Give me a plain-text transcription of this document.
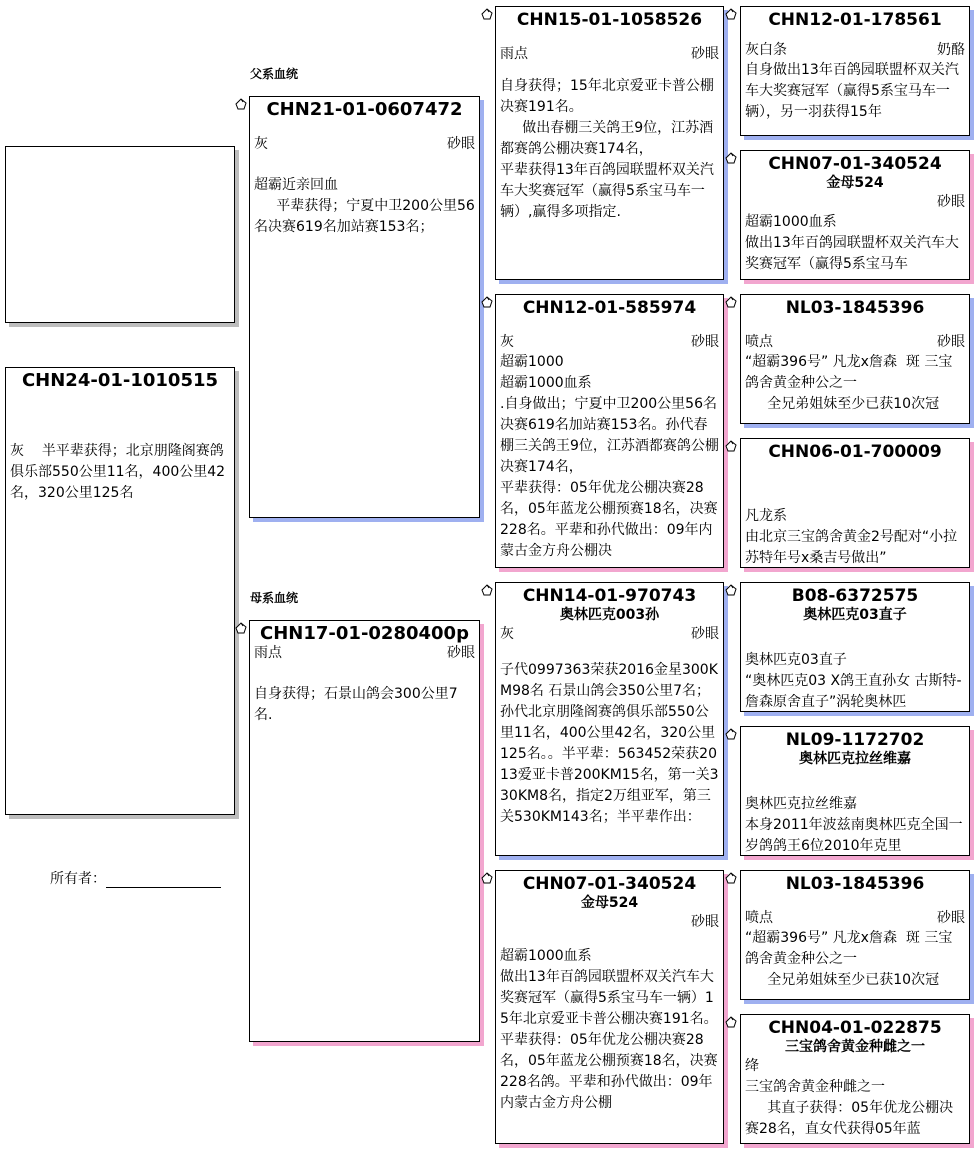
父系血统
母系血统
CHN24-01-1010515
灰 半平辈获得；北京朋隆阁赛鸽俱乐部550公里11名，400公里42名，320公里125名
所有者：
CHN21-01-0607472
灰	砂眼
超霸近亲回血
平辈获得；宁夏中卫200公里56名决赛619名加站赛153名；
CHN17-01-0280400p
雨点	砂眼
自身获得；石景山鸽会300公里7名.
CHN15-01-1058526
雨点	砂眼
自身获得；15年北京爱亚卡普公棚决赛191名。
做出春棚三关鸽王9位，江苏酒都赛鸽公棚决赛174名，
平辈获得13年百鸽园联盟杯双关汽车大奖赛冠军（赢得5系宝马车一辆）,赢得多项指定.
CHN12-01-585974
灰	砂眼
超霸1000
超霸1000血系
.自身做出；宁夏中卫200公里56名决赛619名加站赛153名。孙代春棚三关鸽王9位，江苏酒都赛鸽公棚决赛174名，
平辈获得：05年优龙公棚决赛28名，05年蓝龙公棚预赛18名，决赛228名。平辈和孙代做出：09年内蒙古金方舟公棚决
CHN14-01-970743
奥林匹克003孙
灰	砂眼
子代0997363荣获2016金星300KM98名 石景山鸽会350公里7名；孙代北京朋隆阁赛鸽俱乐部550公里11名，400公里42名，320公里125名。。半平辈：563452荣获2013爱亚卡普200KM15名，第一关330KM8名，指定2万组亚军，第三关530KM143名；半平辈作出：
CHN07-01-340524
金母524
砂眼
超霸1000血系
做出13年百鸽园联盟杯双关汽车大奖赛冠军（赢得5系宝马车一辆）15年北京爱亚卡普公棚决赛191名。
平辈获得：05年优龙公棚决赛28名，05年蓝龙公棚预赛18名，决赛228名鸽。平辈和孙代做出：09年内蒙古金方舟公棚
CHN12-01-178561
灰白条	奶酪
自身做出13年百鸽园联盟杯双关汽车大奖赛冠军（赢得5系宝马车一辆），另一羽获得15年
CHN07-01-340524
金母524
砂眼
超霸1000血系
做出13年百鸽园联盟杯双关汽车大奖赛冠军（赢得5系宝马车
NL03-1845396
喷点	砂眼
“超霸396号” 凡龙x詹森  斑 三宝鸽舍黄金种公之一
全兄弟姐妹至少已获10次冠
CHN06-01-700009
凡龙系
由北京三宝鸽舍黄金2号配对“小拉苏特年号x桑吉号做出”
B08-6372575
奥林匹克03直子
奥林匹克03直子
“奥林匹克03 X鸽王直孙女 古斯特-詹森原舍直子”涡轮奥林匹
NL09-1172702
奥林匹克拉丝维嘉
奥林匹克拉丝维嘉
本身2011年波兹南奥林匹克全国一岁鸽鸽王6位2010年克里
NL03-1845396
喷点	砂眼
“超霸396号” 凡龙x詹森  斑 三宝鸽舍黄金种公之一
全兄弟姐妹至少已获10次冠
CHN04-01-022875
三宝鸽舍黄金种雌之一
绛
三宝鸽舍黄金种雌之一
其直子获得：05年优龙公棚决赛28名，直女代获得05年蓝
